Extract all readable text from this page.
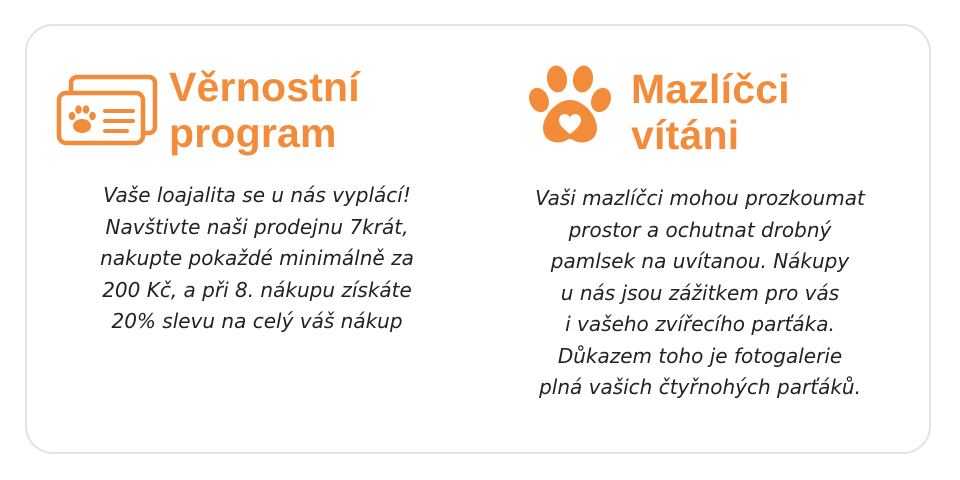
Věrnostní
program
Vaše loajalita se u nás vyplácí!
Navštivte naši prodejnu 7krát,
nakupte pokaždé minimálně za
200 Kč, a při 8. nákupu získáte
20% slevu na celý váš nákup
Mazlíčci
vítáni
Vaši mazlíčci mohou prozkoumat
prostor a ochutnat drobný
pamlsek na uvítanou. Nákupy
u nás jsou zážitkem pro vás
i vašeho zvířecího parťáka.
Důkazem toho je fotogalerie
plná vašich čtyřnohých parťáků.
